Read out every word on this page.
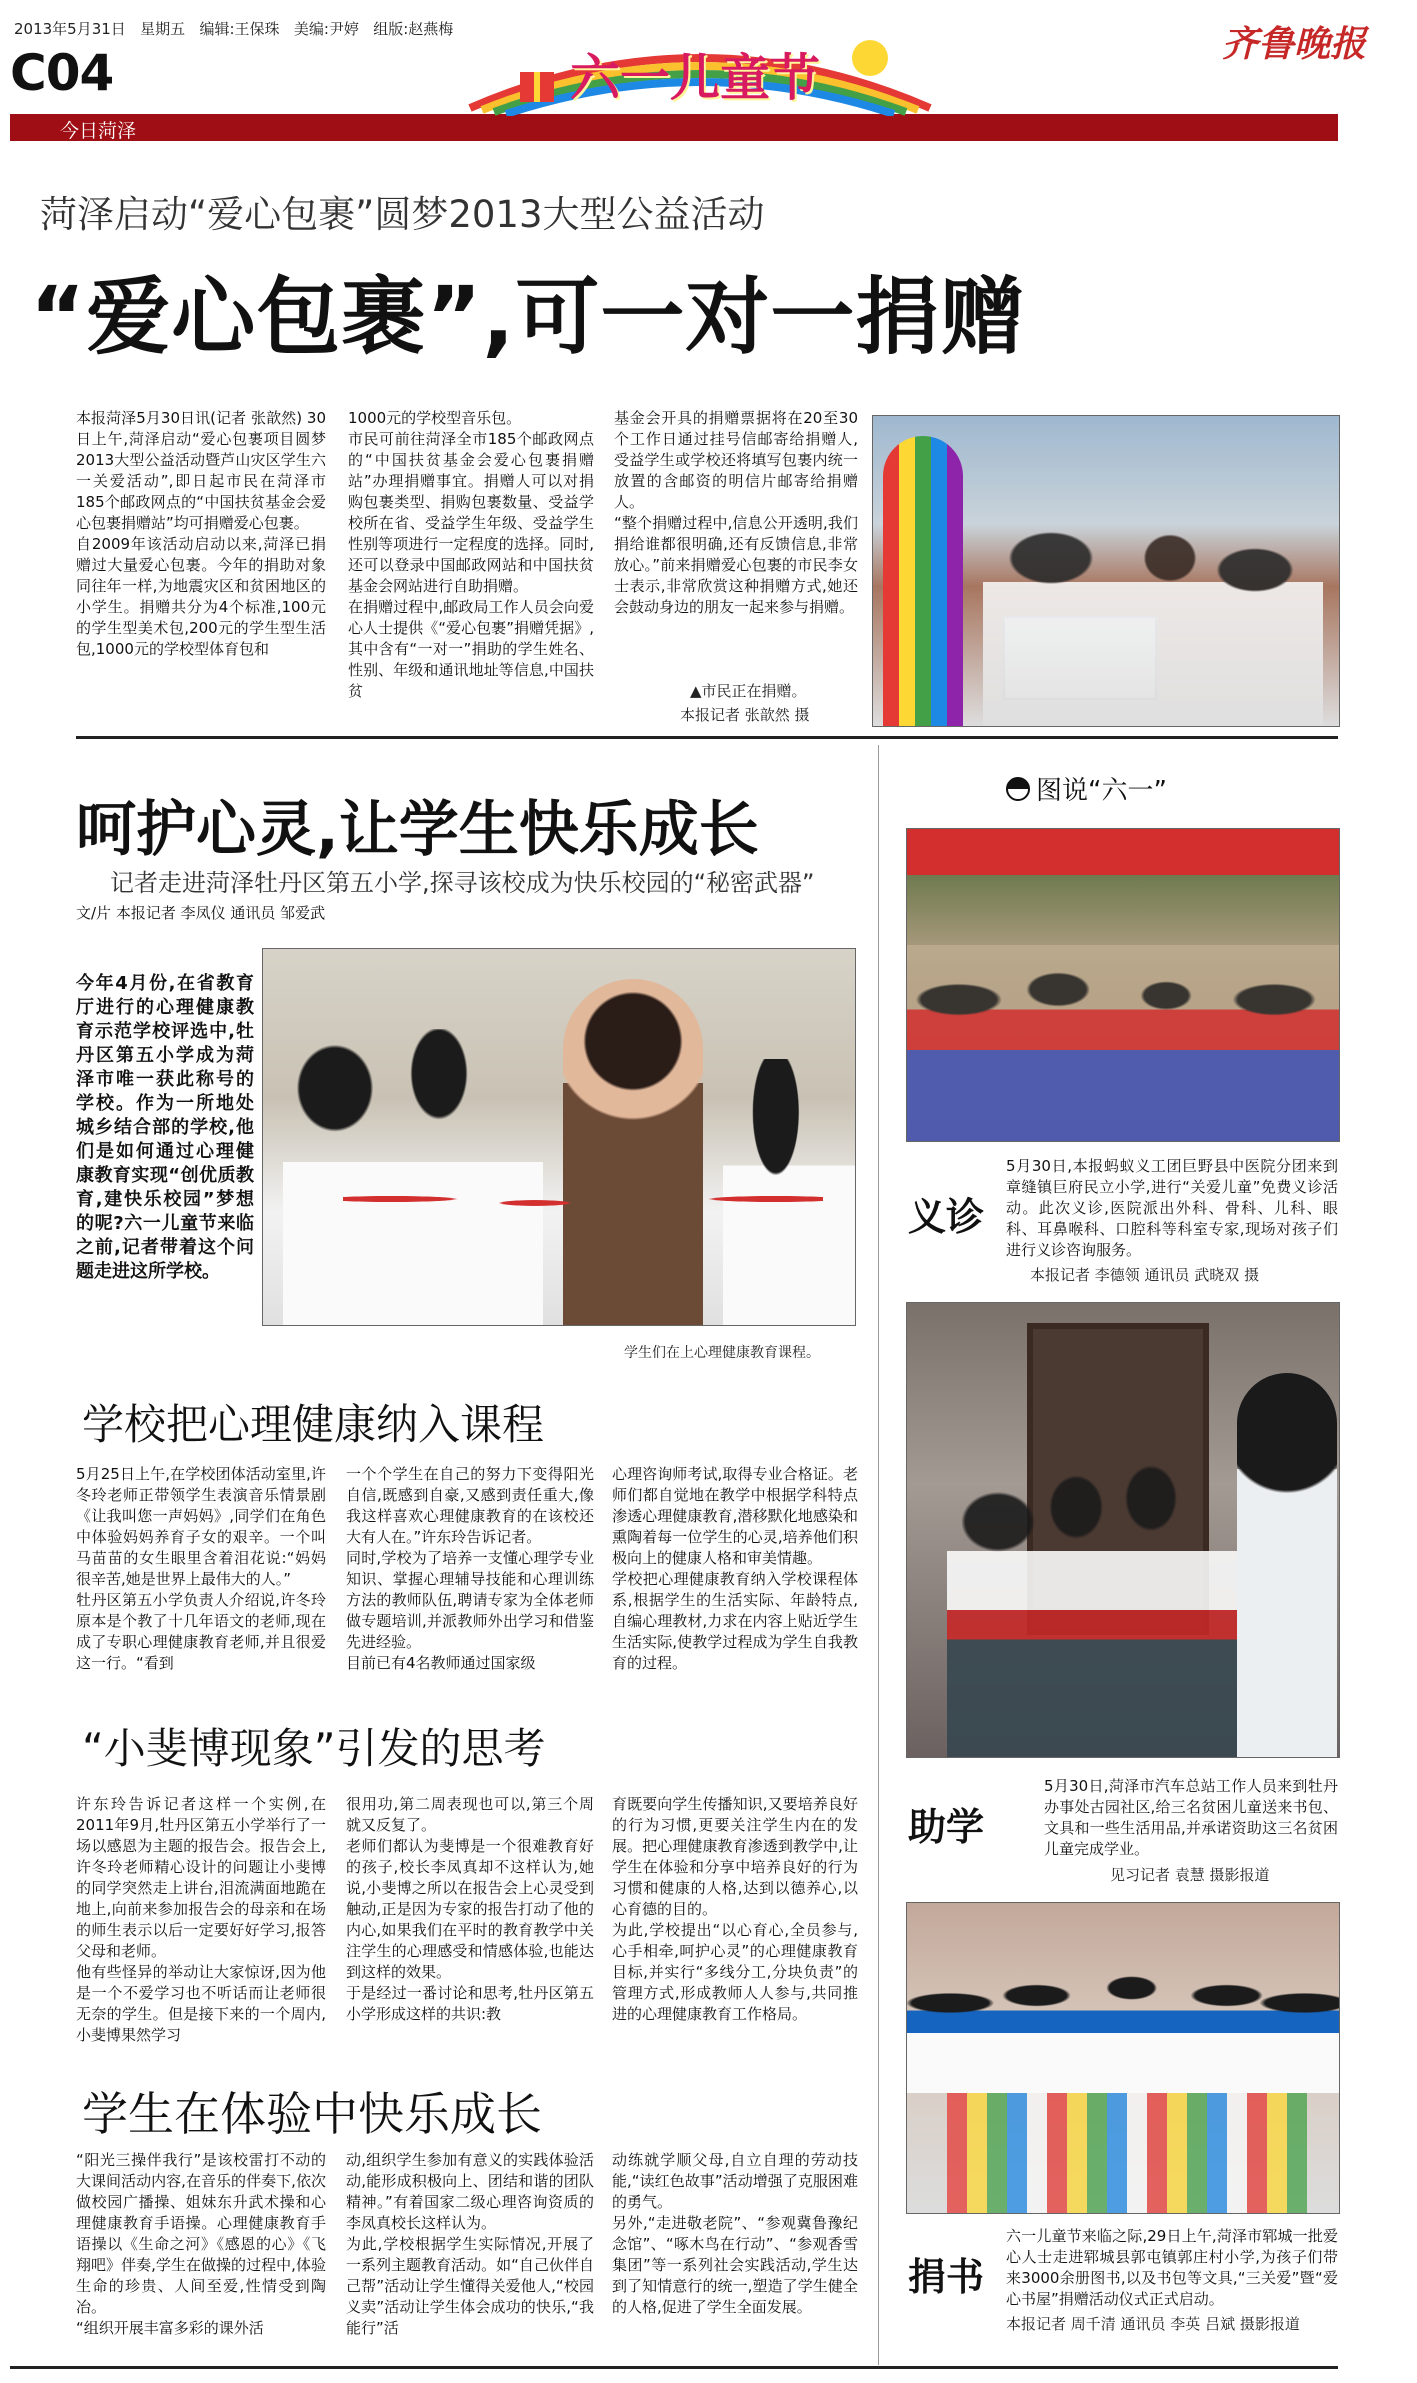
2013年5月31日 星期五 编辑:王保珠 美编:尹婷 组版:赵燕梅
C04
今日菏泽
六一儿童节
齐鲁晚报
菏泽启动“爱心包裹”圆梦2013大型公益活动
“爱心包裹”,可一对一捐赠
本报菏泽5月30日讯(记者 张歆然) 30日上午,菏泽启动“爱心包裹项目圆梦2013大型公益活动暨芦山灾区学生六一关爱活动”,即日起市民在菏泽市185个邮政网点的“中国扶贫基金会爱心包裹捐赠站”均可捐赠爱心包裹。
自2009年该活动启动以来,菏泽已捐赠过大量爱心包裹。今年的捐助对象同往年一样,为地震灾区和贫困地区的小学生。捐赠共分为4个标准,100元的学生型美术包,200元的学生型生活包,1000元的学校型体育包和
1000元的学校型音乐包。
市民可前往菏泽全市185个邮政网点的“中国扶贫基金会爱心包裹捐赠站”办理捐赠事宜。捐赠人可以对捐购包裹类型、捐购包裹数量、受益学校所在省、受益学生年级、受益学生性别等项进行一定程度的选择。同时,还可以登录中国邮政网站和中国扶贫基金会网站进行自助捐赠。
在捐赠过程中,邮政局工作人员会向爱心人士提供《“爱心包裹”捐赠凭据》,其中含有“一对一”捐助的学生姓名、性别、年级和通讯地址等信息,中国扶贫
基金会开具的捐赠票据将在20至30个工作日通过挂号信邮寄给捐赠人,受益学生或学校还将填写包裹内统一放置的含邮资的明信片邮寄给捐赠人。
“整个捐赠过程中,信息公开透明,我们捐给谁都很明确,还有反馈信息,非常放心。”前来捐赠爱心包裹的市民李女士表示,非常欣赏这种捐赠方式,她还会鼓动身边的朋友一起来参与捐赠。
▲市民正在捐赠。
本报记者 张歆然 摄
呵护心灵,让学生快乐成长
记者走进菏泽牡丹区第五小学,探寻该校成为快乐校园的“秘密武器”
文/片 本报记者 李凤仪 通讯员 邹爱武
今年4月份,在省教育厅进行的心理健康教育示范学校评选中,牡丹区第五小学成为菏泽市唯一获此称号的学校。作为一所地处城乡结合部的学校,他们是如何通过心理健康教育实现“创优质教育,建快乐校园”梦想的呢?六一儿童节来临之前,记者带着这个问题走进这所学校。
学生们在上心理健康教育课程。
学校把心理健康纳入课程
5月25日上午,在学校团体活动室里,许冬玲老师正带领学生表演音乐情景剧《让我叫您一声妈妈》,同学们在角色中体验妈妈养育子女的艰辛。一个叫马苗苗的女生眼里含着泪花说:“妈妈很辛苦,她是世界上最伟大的人。”
牡丹区第五小学负责人介绍说,许冬玲原本是个教了十几年语文的老师,现在成了专职心理健康教育老师,并且很爱这一行。“看到
一个个学生在自己的努力下变得阳光自信,既感到自豪,又感到责任重大,像我这样喜欢心理健康教育的在该校还大有人在。”许东玲告诉记者。
同时,学校为了培养一支懂心理学专业知识、掌握心理辅导技能和心理训练方法的教师队伍,聘请专家为全体老师做专题培训,并派教师外出学习和借鉴先进经验。
目前已有4名教师通过国家级
心理咨询师考试,取得专业合格证。老师们都自觉地在教学中根据学科特点渗透心理健康教育,潜移默化地感染和熏陶着每一位学生的心灵,培养他们积极向上的健康人格和审美情趣。
学校把心理健康教育纳入学校课程体系,根据学生的生活实际、年龄特点,自编心理教材,力求在内容上贴近学生生活实际,使教学过程成为学生自我教育的过程。
“小斐博现象”引发的思考
许东玲告诉记者这样一个实例,在2011年9月,牡丹区第五小学举行了一场以感恩为主题的报告会。报告会上,许冬玲老师精心设计的问题让小斐博的同学突然走上讲台,泪流满面地跪在地上,向前来参加报告会的母亲和在场的师生表示以后一定要好好学习,报答父母和老师。
他有些怪异的举动让大家惊讶,因为他是一个不爱学习也不听话而让老师很无奈的学生。但是接下来的一个周内,小斐博果然学习
很用功,第二周表现也可以,第三个周就又反复了。
老师们都认为斐博是一个很难教育好的孩子,校长李凤真却不这样认为,她说,小斐博之所以在报告会上心灵受到触动,正是因为专家的报告打动了他的内心,如果我们在平时的教育教学中关注学生的心理感受和情感体验,也能达到这样的效果。
于是经过一番讨论和思考,牡丹区第五小学形成这样的共识:教
育既要向学生传播知识,又要培养良好的行为习惯,更要关注学生内在的发展。把心理健康教育渗透到教学中,让学生在体验和分享中培养良好的行为习惯和健康的人格,达到以德养心,以心育德的目的。
为此,学校提出“以心育心,全员参与,心手相牵,呵护心灵”的心理健康教育目标,并实行“多线分工,分块负责”的管理方式,形成教师人人参与,共同推进的心理健康教育工作格局。
学生在体验中快乐成长
“阳光三操伴我行”是该校雷打不动的大课间活动内容,在音乐的伴奏下,依次做校园广播操、姐妹东升武术操和心理健康教育手语操。心理健康教育手语操以《生命之河》《感恩的心》《飞翔吧》伴奏,学生在做操的过程中,体验生命的珍贵、人间至爱,性情受到陶冶。
“组织开展丰富多彩的课外活
动,组织学生参加有意义的实践体验活动,能形成积极向上、团结和谐的团队精神。”有着国家二级心理咨询资质的李凤真校长这样认为。
为此,学校根据学生实际情况,开展了一系列主题教育活动。如“自己伙伴自己帮”活动让学生懂得关爱他人,“校园义卖”活动让学生体会成功的快乐,“我能行”活
动练就学顺父母,自立自理的劳动技能,“读红色故事”活动增强了克服困难的勇气。
另外,“走进敬老院”、“参观冀鲁豫纪念馆”、“啄木鸟在行动”、“参观香雪集团”等一系列社会实践活动,学生达到了知情意行的统一,塑造了学生健全的人格,促进了学生全面发展。
图说“六一”
义诊
5月30日,本报蚂蚁义工团巨野县中医院分团来到章缝镇巨府民立小学,进行“关爱儿童”免费义诊活动。此次义诊,医院派出外科、骨科、儿科、眼科、耳鼻喉科、口腔科等科室专家,现场对孩子们进行义诊咨询服务。
本报记者 李德领 通讯员 武晓双 摄
助学
5月30日,菏泽市汽车总站工作人员来到牡丹办事处古园社区,给三名贫困儿童送来书包、文具和一些生活用品,并承诺资助这三名贫困儿童完成学业。
见习记者 袁慧 摄影报道
捐书
六一儿童节来临之际,29日上午,菏泽市郓城一批爱心人士走进郓城县郭屯镇郭庄村小学,为孩子们带来3000余册图书,以及书包等文具,“三关爱”暨“爱心书屋”捐赠活动仪式正式启动。
本报记者 周千清 通讯员 李英 吕斌 摄影报道
